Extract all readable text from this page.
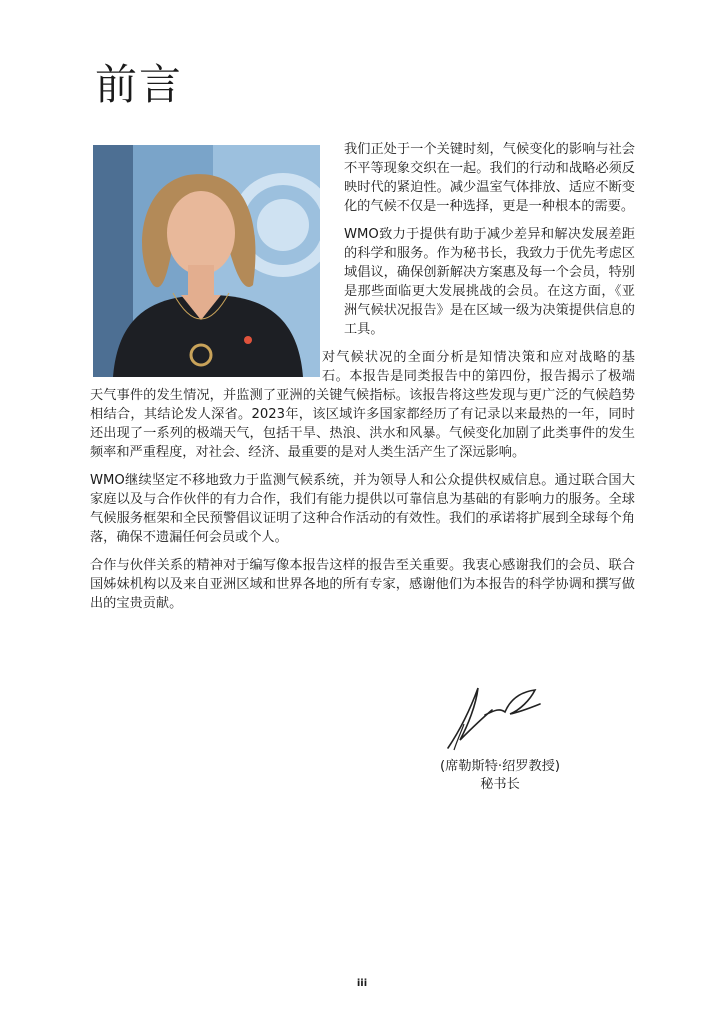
前言

我们正处于一个关键时刻，气候变化的影响与社会不平等现象交织在一起。我们的行动和战略必须反映时代的紧迫性。减少温室气体排放、适应不断变化的气候不仅是一种选择，更是一种根本的需要。

WMO致力于提供有助于减少差异和解决发展差距的科学和服务。作为秘书长，我致力于优先考虑区域倡议，确保创新解决方案惠及每一个会员，特别是那些面临更大发展挑战的会员。在这方面，《亚洲气候状况报告》是在区域一级为决策提供信息的工具。

对气候状况的全面分析是知情决策和应对战略的基石。本报告是同类报告中的第四份，报告揭示了极端天气事件的发生情况，并监测了亚洲的关键气候指标。该报告将这些发现与更广泛的气候趋势相结合，其结论发人深省。2023年，该区域许多国家都经历了有记录以来最热的一年，同时还出现了一系列的极端天气，包括干旱、热浪、洪水和风暴。气候变化加剧了此类事件的发生频率和严重程度，对社会、经济、最重要的是对人类生活产生了深远影响。

WMO继续坚定不移地致力于监测气候系统，并为领导人和公众提供权威信息。通过联合国大家庭以及与合作伙伴的有力合作，我们有能力提供以可靠信息为基础的有影响力的服务。全球气候服务框架和全民预警倡议证明了这种合作活动的有效性。我们的承诺将扩展到全球每个角落，确保不遗漏任何会员或个人。

合作与伙伴关系的精神对于编写像本报告这样的报告至关重要。我衷心感谢我们的会员、联合国姊妹机构以及来自亚洲区域和世界各地的所有专家，感谢他们为本报告的科学协调和撰写做出的宝贵贡献。

(席勒斯特·绍罗教授)
秘书长
iii
